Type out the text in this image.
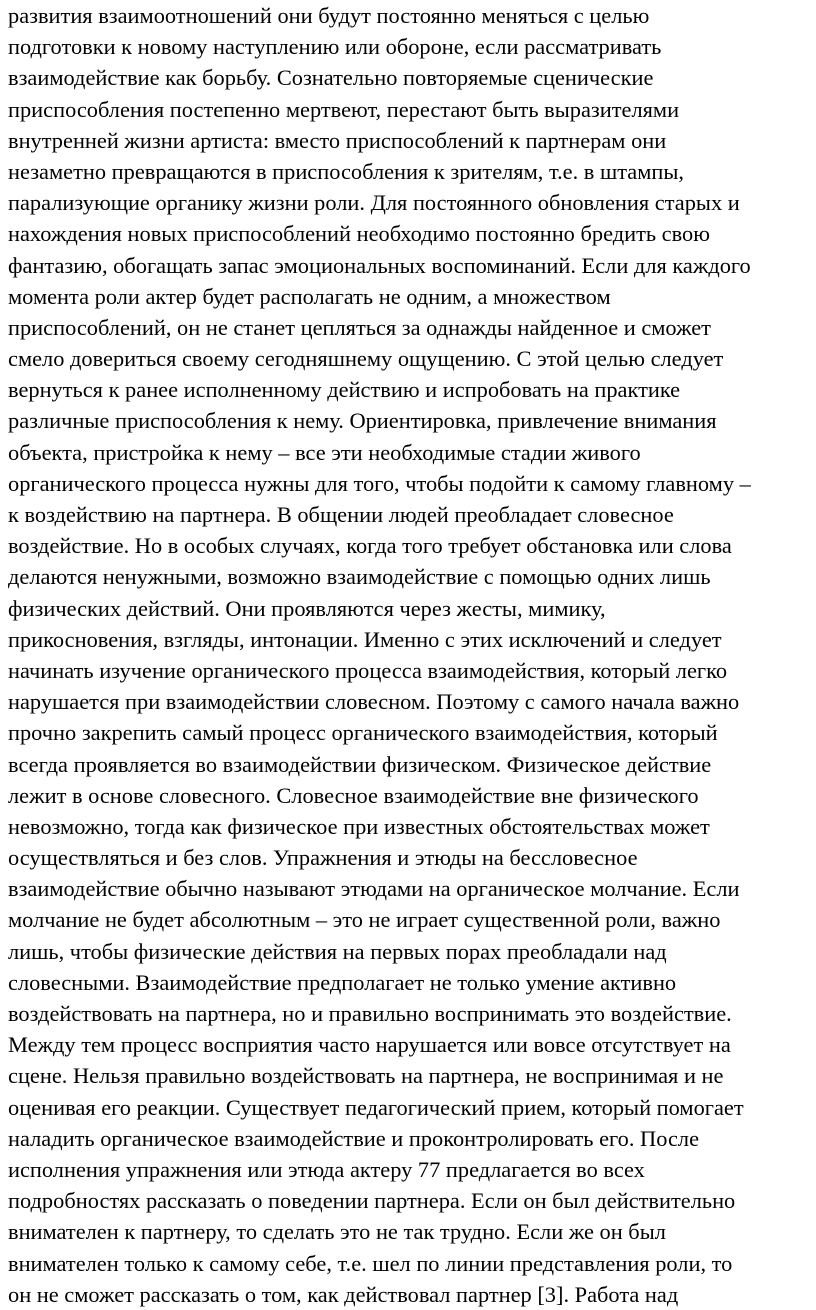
развития взаимоотношений они будут постоянно меняться с целью
подготовки к новому наступлению или обороне, если рассматривать
взаимодействие как борьбу. Сознательно повторяемые сценические
приспособления постепенно мертвеют, перестают быть выразителями
внутренней жизни артиста: вместо приспособлений к партнерам они
незаметно превращаются в приспособления к зрителям, т.е. в штампы,
парализующие органику жизни роли. Для постоянного обновления старых и
нахождения новых приспособлений необходимо постоянно бредить свою
фантазию, обогащать запас эмоциональных воспоминаний. Если для каждого
момента роли актер будет располагать не одним, а множеством
приспособлений, он не станет цепляться за однажды найденное и сможет
смело довериться своему сегодняшнему ощущению. С этой целью следует
вернуться к ранее исполненному действию и испробовать на практике
различные приспособления к нему. Ориентировка, привлечение внимания
объекта, пристройка к нему – все эти необходимые стадии живого
органического процесса нужны для того, чтобы подойти к самому главному –
к воздействию на партнера. В общении людей преобладает словесное
воздействие. Но в особых случаях, когда того требует обстановка или слова
делаются ненужными, возможно взаимодействие с помощью одних лишь
физических действий. Они проявляются через жесты, мимику,
прикосновения, взгляды, интонации. Именно с этих исключений и следует
начинать изучение органического процесса взаимодействия, который легко
нарушается при взаимодействии словесном. Поэтому с самого начала важно
прочно закрепить самый процесс органического взаимодействия, который
всегда проявляется во взаимодействии физическом. Физическое действие
лежит в основе словесного. Словесное взаимодействие вне физического
невозможно, тогда как физическое при известных обстоятельствах может
осуществляться и без слов. Упражнения и этюды на бессловесное
взаимодействие обычно называют этюдами на органическое молчание. Если
молчание не будет абсолютным – это не играет существенной роли, важно
лишь, чтобы физические действия на первых порах преобладали над
словесными. Взаимодействие предполагает не только умение активно
воздействовать на партнера, но и правильно воспринимать это воздействие.
Между тем процесс восприятия часто нарушается или вовсе отсутствует на
сцене. Нельзя правильно воздействовать на партнера, не воспринимая и не
оценивая его реакции. Существует педагогический прием, который помогает
наладить органическое взаимодействие и проконтролировать его. После
исполнения упражнения или этюда актеру 77 предлагается во всех
подробностях рассказать о поведении партнера. Если он был действительно
внимателен к партнеру, то сделать это не так трудно. Если же он был
внимателен только к самому себе, т.е. шел по линии представления роли, то
он не сможет рассказать о том, как действовал партнер [3]. Работа над
